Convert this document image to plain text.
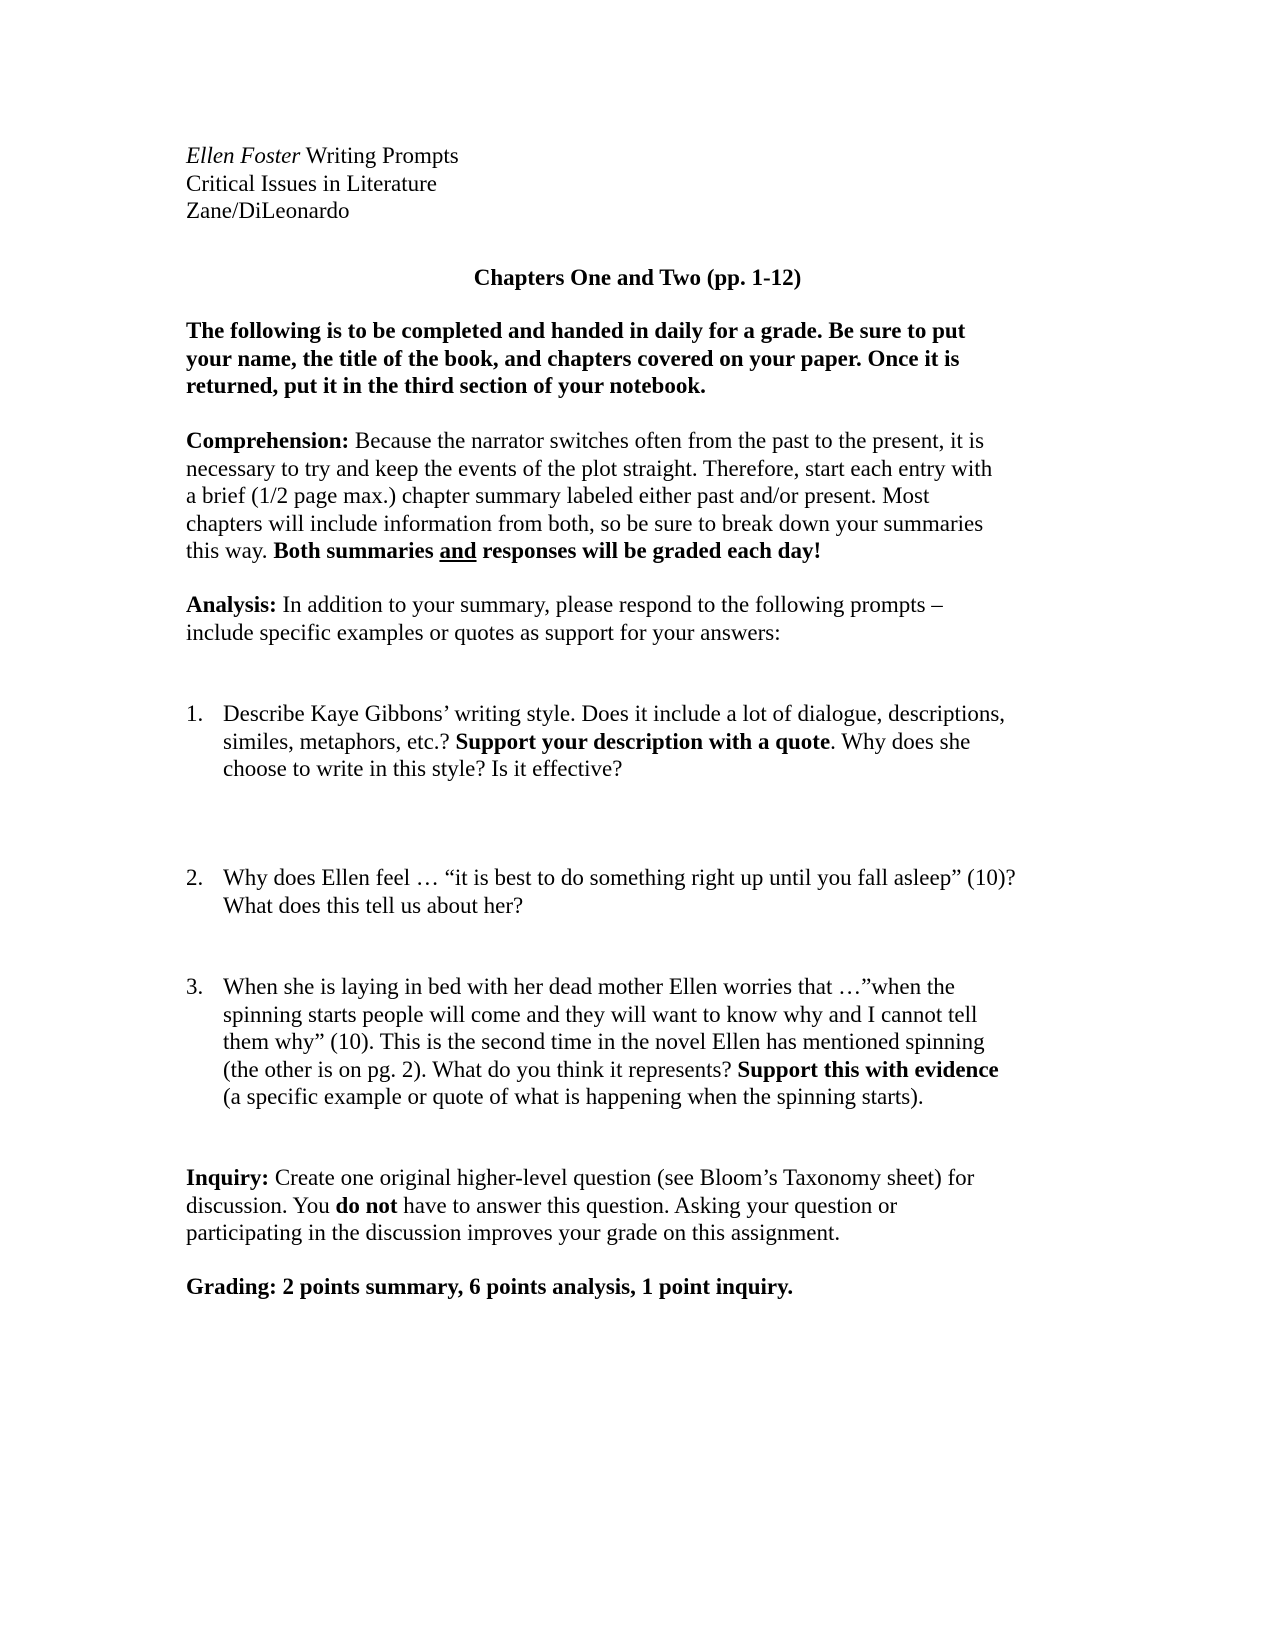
Ellen Foster Writing Prompts
Critical Issues in Literature
Zane/DiLeonardo

Chapters One and Two (pp. 1-12)

The following is to be completed and handed in daily for a grade. Be sure to put
your name, the title of the book, and chapters covered on your paper. Once it is
returned, put it in the third section of your notebook.
Comprehension: Because the narrator switches often from the past to the present, it is
necessary to try and keep the events of the plot straight. Therefore, start each entry with
a brief (1/2 page max.) chapter summary labeled either past and/or present. Most
chapters will include information from both, so be sure to break down your summaries
this way. Both summaries and responses will be graded each day!
Analysis: In addition to your summary, please respond to the following prompts –
include specific examples or quotes as support for your answers:
1. Describe Kaye Gibbons’ writing style. Does it include a lot of dialogue, descriptions,
similes, metaphors, etc.? Support your description with a quote. Why does she
choose to write in this style? Is it effective?
2. Why does Ellen feel … “it is best to do something right up until you fall asleep” (10)?
What does this tell us about her?
3. When she is laying in bed with her dead mother Ellen worries that …”when the
spinning starts people will come and they will want to know why and I cannot tell
them why” (10). This is the second time in the novel Ellen has mentioned spinning
(the other is on pg. 2). What do you think it represents? Support this with evidence
(a specific example or quote of what is happening when the spinning starts).
Inquiry: Create one original higher-level question (see Bloom’s Taxonomy sheet) for
discussion. You do not have to answer this question. Asking your question or
participating in the discussion improves your grade on this assignment.
Grading: 2 points summary, 6 points analysis, 1 point inquiry.
